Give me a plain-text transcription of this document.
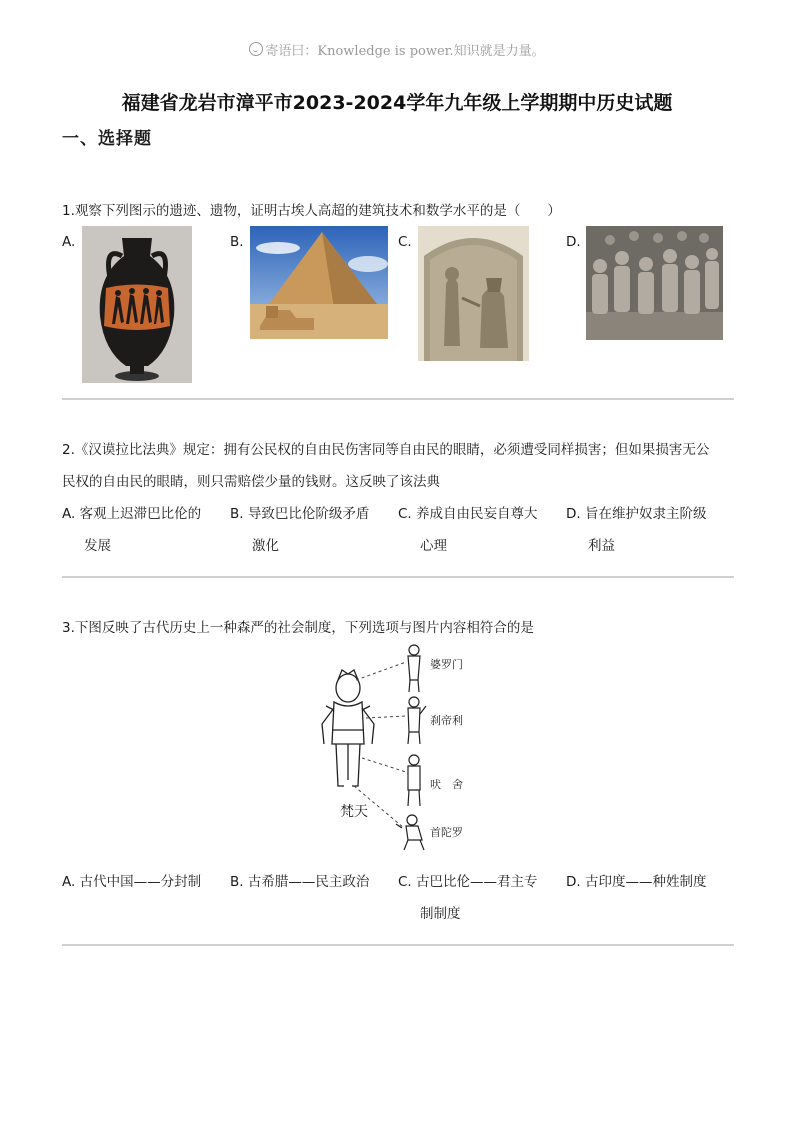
寄语曰：Knowledge is power.知识就是力量。
福建省龙岩市漳平市2023-2024学年九年级上学期期中历史试题
一、选择题
1.观察下列图示的遗迹、遗物，证明古埃人高超的建筑技术和数学水平的是（　　）
A.	B.	C.	D.
2.《汉谟拉比法典》规定：拥有公民权的自由民伤害同等自由民的眼睛，必须遭受同样损害；但如果损害无公
民权的自由民的眼睛，则只需赔偿少量的钱财。这反映了该法典
A. 客观上迟滞巴比伦的
发展
B. 导致巴比伦阶级矛盾
激化
C. 养成自由民妄自尊大
心理
D. 旨在维护奴隶主阶级
利益
3.下图反映了古代历史上一种森严的社会制度，下列选项与图片内容相符合的是
梵天
婆罗门
刹帝利
吠　舍
首陀罗
A. 古代中国——分封制 B. 古希腊——民主政治 C. 古巴比伦——君主专
制制度
D. 古印度——种姓制度
